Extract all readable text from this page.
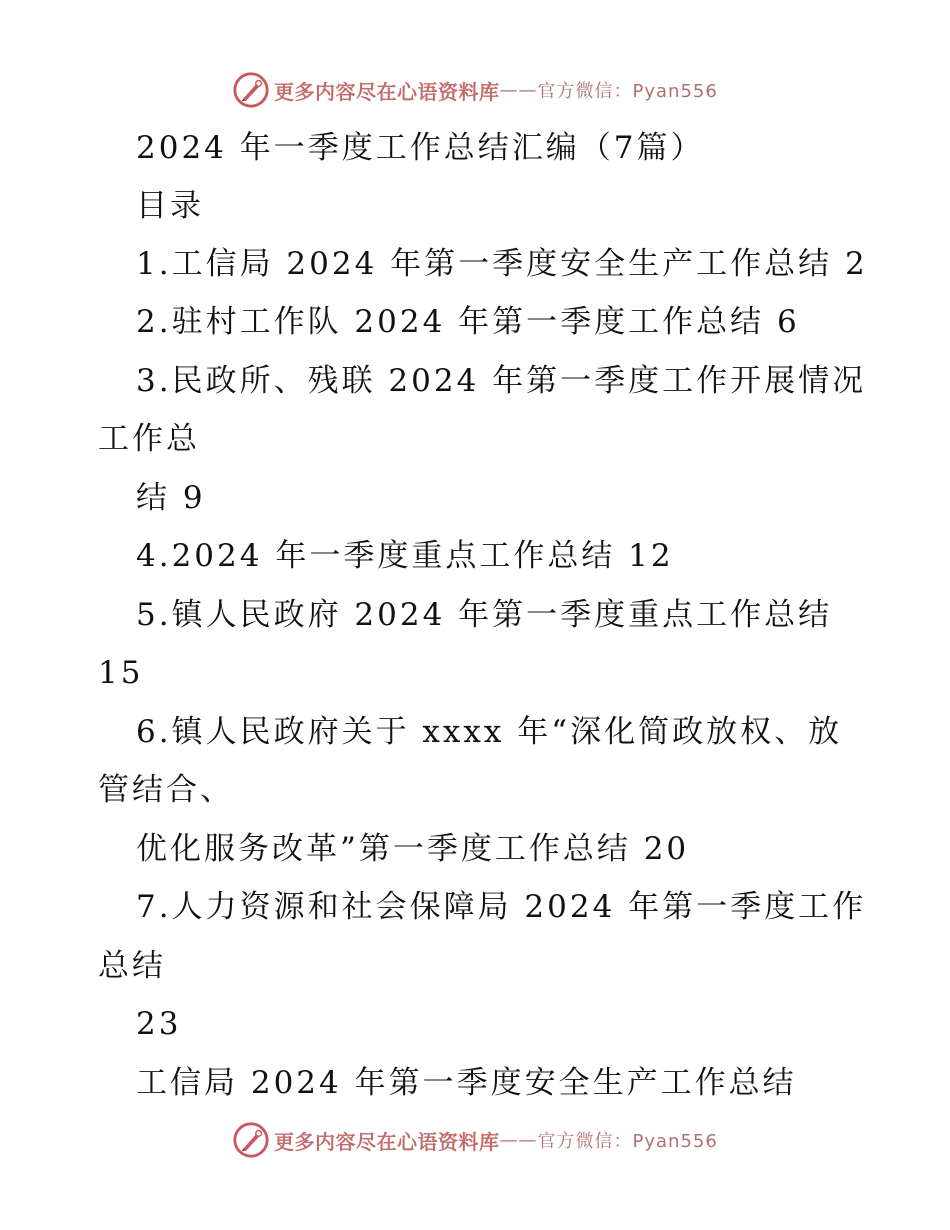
更多内容尽在心语资料库 —— 官方微信：Pyan556
2024 年一季度工作总结汇编（7篇）
目录
1.工信局 2024 年第一季度安全生产工作总结 2
2.驻村工作队 2024 年第一季度工作总结 6
3.民政所、残联 2024 年第一季度工作开展情况
工作总
结 9
4.2024 年一季度重点工作总结 12
5.镇人民政府 2024 年第一季度重点工作总结
15
6.镇人民政府关于 xxxx 年“深化简政放权、放
管结合、
优化服务改革”第一季度工作总结 20
7.人力资源和社会保障局 2024 年第一季度工作
总结
23
工信局 2024 年第一季度安全生产工作总结
更多内容尽在心语资料库 —— 官方微信：Pyan556
